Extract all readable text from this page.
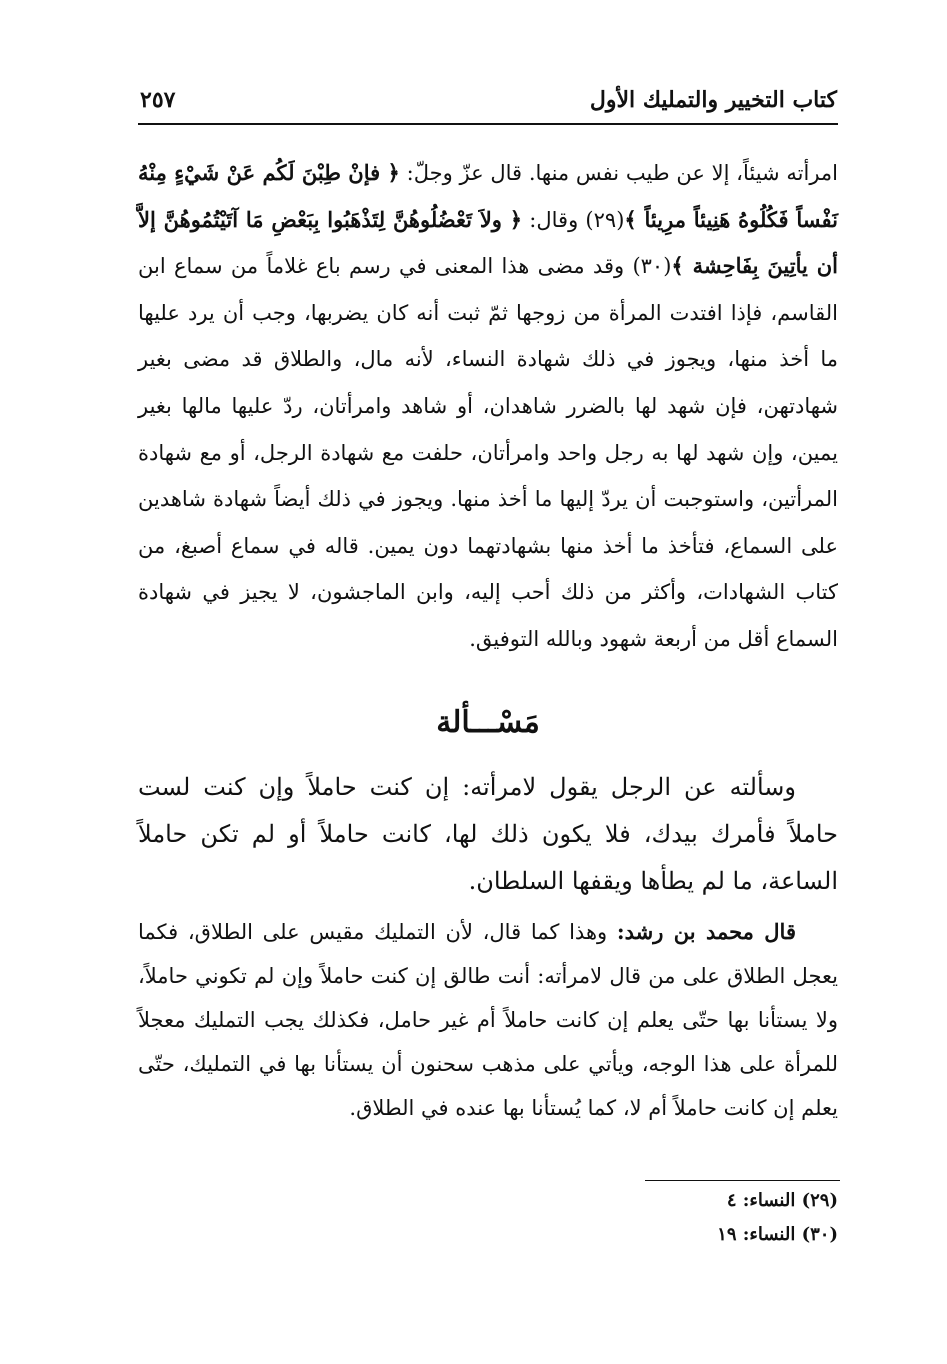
كتاب التخيير والتمليك الأول
٢٥٧

امرأته شيئاً، إلا عن طيب نفس منها. قال عزّ وجلّ: ﴿ فإنْ طِبْنَ لَكُم عَنْ شَيْءٍ مِنْهُ نَفْساً فَكُلُوهُ هَنِيئاً مرِيئاً ﴾(٢٩) وقال: ﴿ ولاَ تَعْضُلُوهُنَّ لِتَذْهَبُوا بِبَعْضِ مَا آتَيْتُمُوهُنَّ إلاَّ أن يأتِينَ بِفَاحِشة ﴾(٣٠) وقد مضى هذا المعنى في رسم باع غلاماً من سماع ابن القاسم، فإذا افتدت المرأة من زوجها ثمّ ثبت أنه كان يضربها، وجب أن يرد عليها ما أخذ منها، ويجوز في ذلك شهادة النساء، لأنه مال، والطلاق قد مضى بغير شهادتهن، فإن شهد لها بالضرر شاهدان، أو شاهد وامرأتان، ردّ عليها مالها بغير يمين، وإن شهد لها به رجل واحد وامرأتان، حلفت مع شهادة الرجل، أو مع شهادة المرأتين، واستوجبت أن يردّ إليها ما أخذ منها. ويجوز في ذلك أيضاً شهادة شاهدين على السماع، فتأخذ ما أخذ منها بشهادتهما دون يمين. قاله في سماع أصبغ، من كتاب الشهادات، وأكثر من ذلك أحب إليه، وابن الماجشون، لا يجيز في شهادة السماع أقل من أربعة شهود وبالله التوفيق.

مَسْـــألة

وسألته عن الرجل يقول لامرأته: إن كنت حاملاً وإن كنت لست حاملاً فأمرك بيدك، فلا يكون ذلك لها، كانت حاملاً أو لم تكن حاملاً الساعة، ما لم يطأها ويقفها السلطان.

قال محمد بن رشد: وهذا كما قال، لأن التمليك مقيس على الطلاق، فكما يعجل الطلاق على من قال لامرأته: أنت طالق إن كنت حاملاً وإن لم تكوني حاملاً، ولا يستأنا بها حتّى يعلم إن كانت حاملاً أم غير حامل، فكذلك يجب التمليك معجلاً للمرأة على هذا الوجه، ويأتي على مذهب سحنون أن يستأنا بها في التمليك، حتّى يعلم إن كانت حاملاً أم لا، كما يُستأنا بها عنده في الطلاق.

(٢٩) النساء: ٤
(٣٠) النساء: ١٩
